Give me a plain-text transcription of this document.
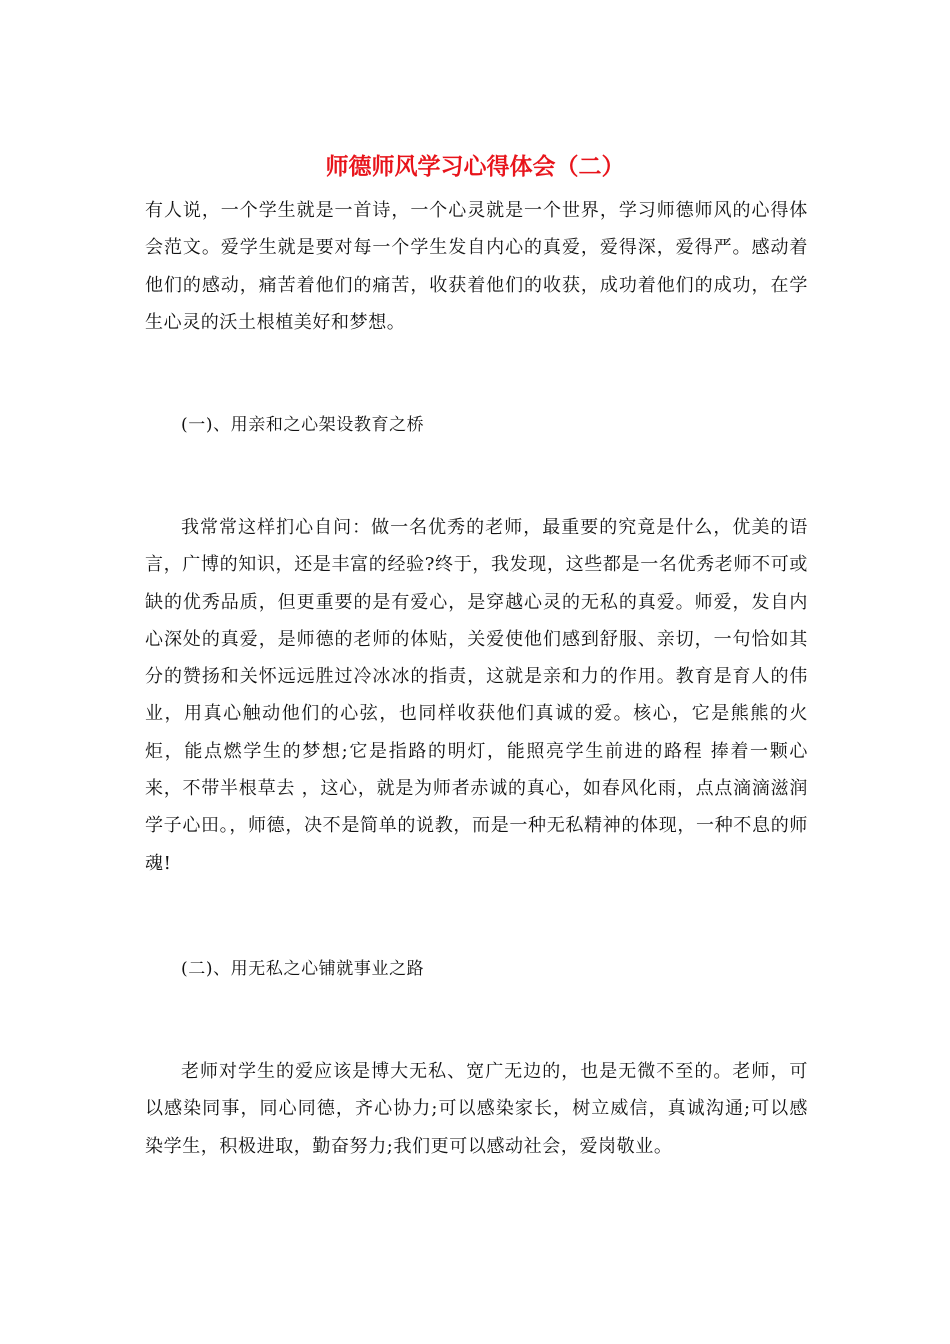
师德师风学习心得体会（二）

有人说，一个学生就是一首诗，一个心灵就是一个世界，学习师德师风的心得体会范文。爱学生就是要对每一个学生发自内心的真爱，爱得深，爱得严。感动着他们的感动，痛苦着他们的痛苦，收获着他们的收获，成功着他们的成功，在学生心灵的沃土根植美好和梦想。

(一)、用亲和之心架设教育之桥

我常常这样扪心自问：做一名优秀的老师，最重要的究竟是什么，优美的语言，广博的知识，还是丰富的经验?终于，我发现，这些都是一名优秀老师不可或缺的优秀品质，但更重要的是有爱心，是穿越心灵的无私的真爱。师爱，发自内心深处的真爱，是师德的老师的体贴，关爱使他们感到舒服、亲切，一句恰如其分的赞扬和关怀远远胜过冷冰冰的指责，这就是亲和力的作用。教育是育人的伟业，用真心触动他们的心弦，也同样收获他们真诚的爱。核心，它是熊熊的火炬，能点燃学生的梦想;它是指路的明灯，能照亮学生前进的路程 捧着一颗心来，不带半根草去 ，这心，就是为师者赤诚的真心，如春风化雨，点点滴滴滋润学子心田。，师德，决不是简单的说教，而是一种无私精神的体现，一种不息的师魂!

(二)、用无私之心铺就事业之路

老师对学生的爱应该是博大无私、宽广无边的，也是无微不至的。老师，可以感染同事，同心同德，齐心协力;可以感染家长，树立威信，真诚沟通;可以感染学生，积极进取，勤奋努力;我们更可以感动社会，爱岗敬业。
